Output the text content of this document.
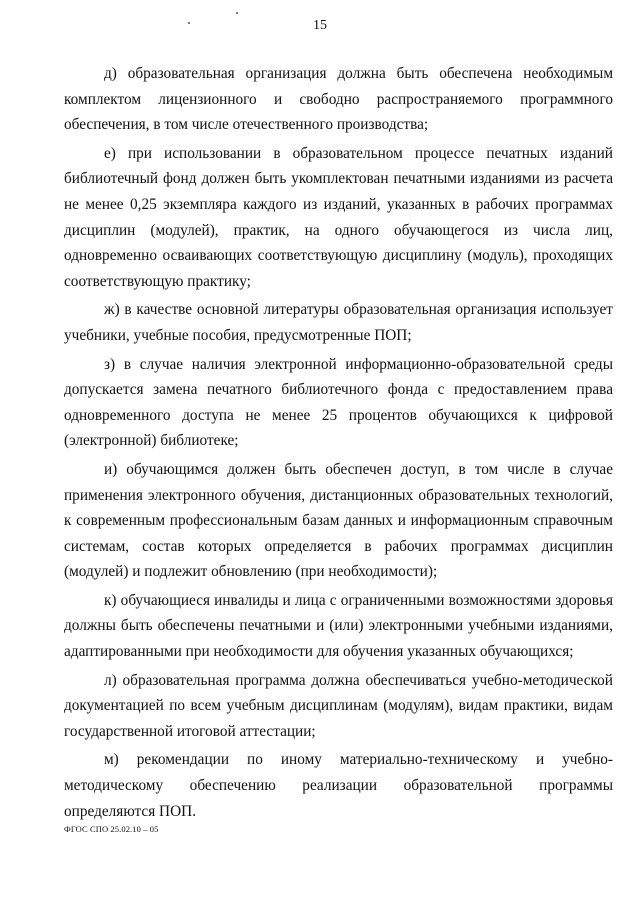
15

д) образовательная организация должна быть обеспечена необходимым комплектом лицензионного и свободно распространяемого программного обеспечения, в том числе отечественного производства;

е) при использовании в образовательном процессе печатных изданий библиотечный фонд должен быть укомплектован печатными изданиями из расчета не менее 0,25 экземпляра каждого из изданий, указанных в рабочих программах дисциплин (модулей), практик, на одного обучающегося из числа лиц, одновременно осваивающих соответствующую дисциплину (модуль), проходящих соответствующую практику;

ж) в качестве основной литературы образовательная организация использует учебники, учебные пособия, предусмотренные ПОП;

з) в случае наличия электронной информационно-образовательной среды допускается замена печатного библиотечного фонда с предоставлением права одновременного доступа не менее 25 процентов обучающихся к цифровой (электронной) библиотеке;

и) обучающимся должен быть обеспечен доступ, в том числе в случае применения электронного обучения, дистанционных образовательных технологий, к современным профессиональным базам данных и информационным справочным системам, состав которых определяется в рабочих программах дисциплин (модулей) и подлежит обновлению (при необходимости);

к) обучающиеся инвалиды и лица с ограниченными возможностями здоровья должны быть обеспечены печатными и (или) электронными учебными изданиями, адаптированными при необходимости для обучения указанных обучающихся;

л) образовательная программа должна обеспечиваться учебно-методической документацией по всем учебным дисциплинам (модулям), видам практики, видам государственной итоговой аттестации;

м) рекомендации по иному материально-техническому и учебно-методическому обеспечению реализации образовательной программы определяются ПОП.

ФГОС СПО 25.02.10 – 05
